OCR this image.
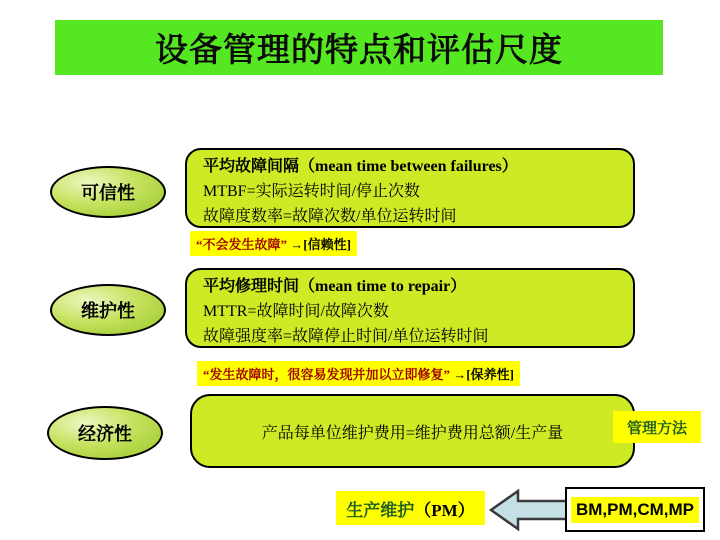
设备管理的特点和评估尺度
可信性
平均故障间隔（mean time between failures）
MTBF=实际运转时间/停止次数
故障度数率=故障次数/单位运转时间
“不会发生故障” →[信赖性]
维护性
平均修理时间（mean time to repair）
MTTR=故障时间/故障次数
故障强度率=故障停止时间/单位运转时间
“发生故障时，很容易发现并加以立即修复” →[保养性]
经济性	产品每单位维护费用=维护费用总额/生产量	管理方法
生产维护 （PM）	BM,PM,CM,MP
